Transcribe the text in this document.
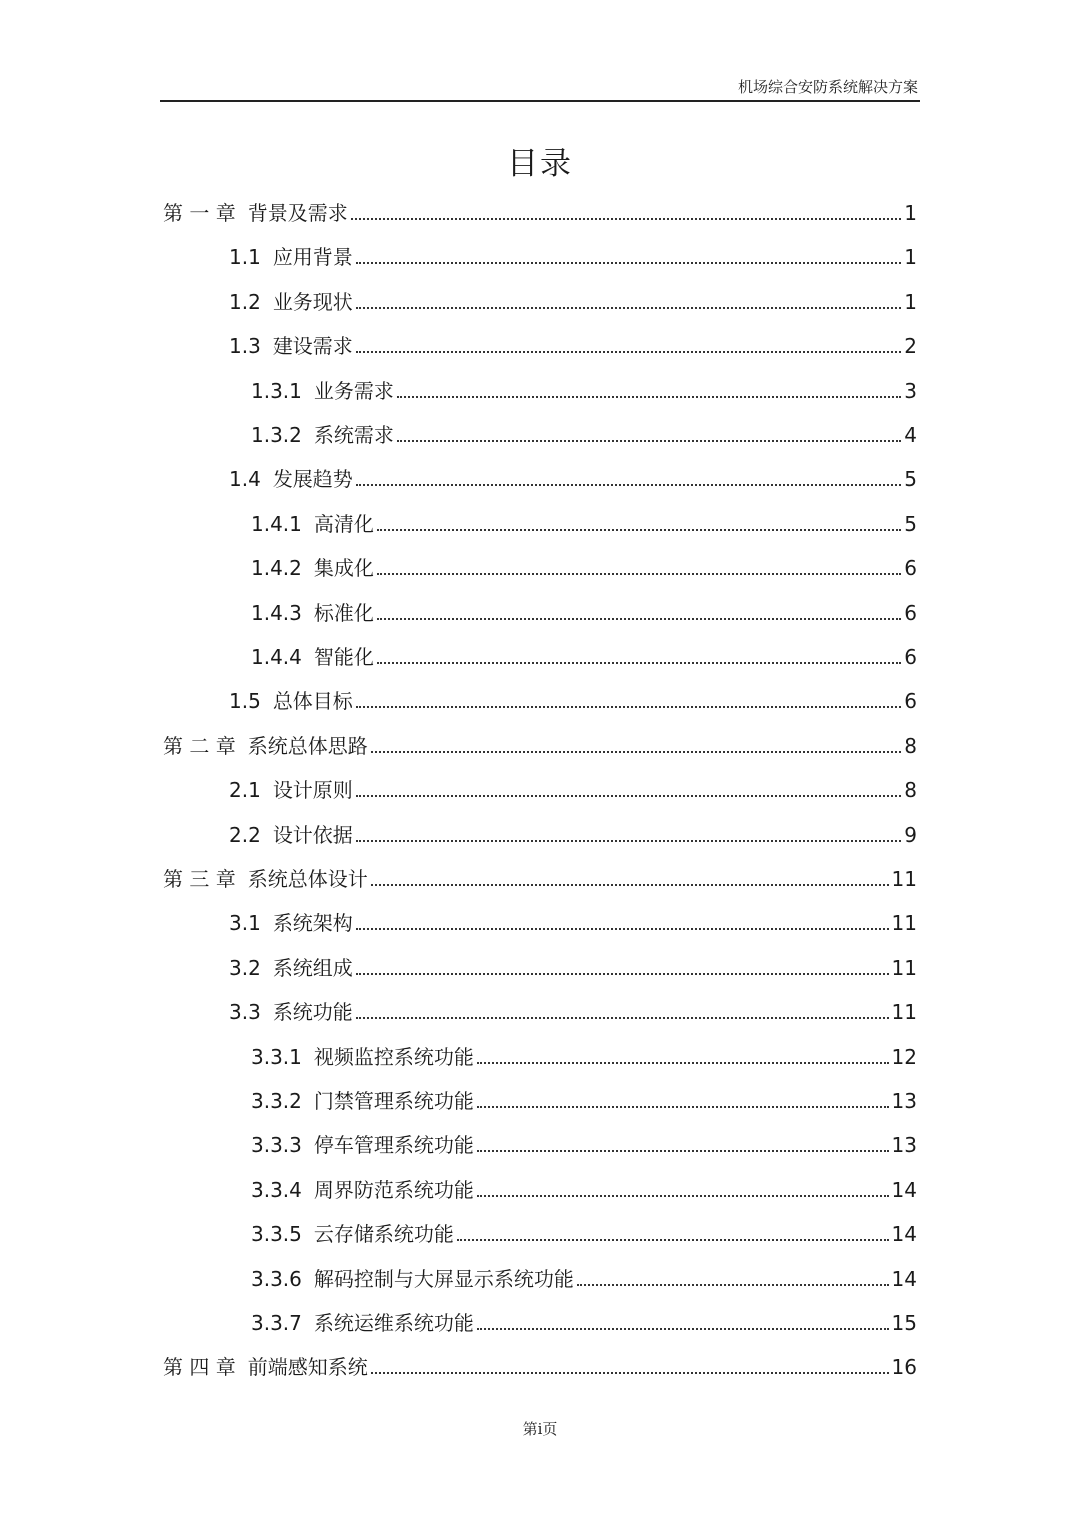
机场综合安防系统解决方案
目录
第 一 章 背景及需求	1
1.1 应用背景	1
1.2 业务现状	1
1.3 建设需求	2
1.3.1 业务需求	3
1.3.2 系统需求	4
1.4 发展趋势	5
1.4.1 高清化	5
1.4.2 集成化	6
1.4.3 标准化	6
1.4.4 智能化	6
1.5 总体目标	6
第 二 章 系统总体思路	8
2.1 设计原则	8
2.2 设计依据	9
第 三 章 系统总体设计	11
3.1 系统架构	11
3.2 系统组成	11
3.3 系统功能	11
3.3.1 视频监控系统功能	12
3.3.2 门禁管理系统功能	13
3.3.3 停车管理系统功能	13
3.3.4 周界防范系统功能	14
3.3.5 云存储系统功能	14
3.3.6 解码控制与大屏显示系统功能	14
3.3.7 系统运维系统功能	15
第 四 章 前端感知系统	16
第i页
